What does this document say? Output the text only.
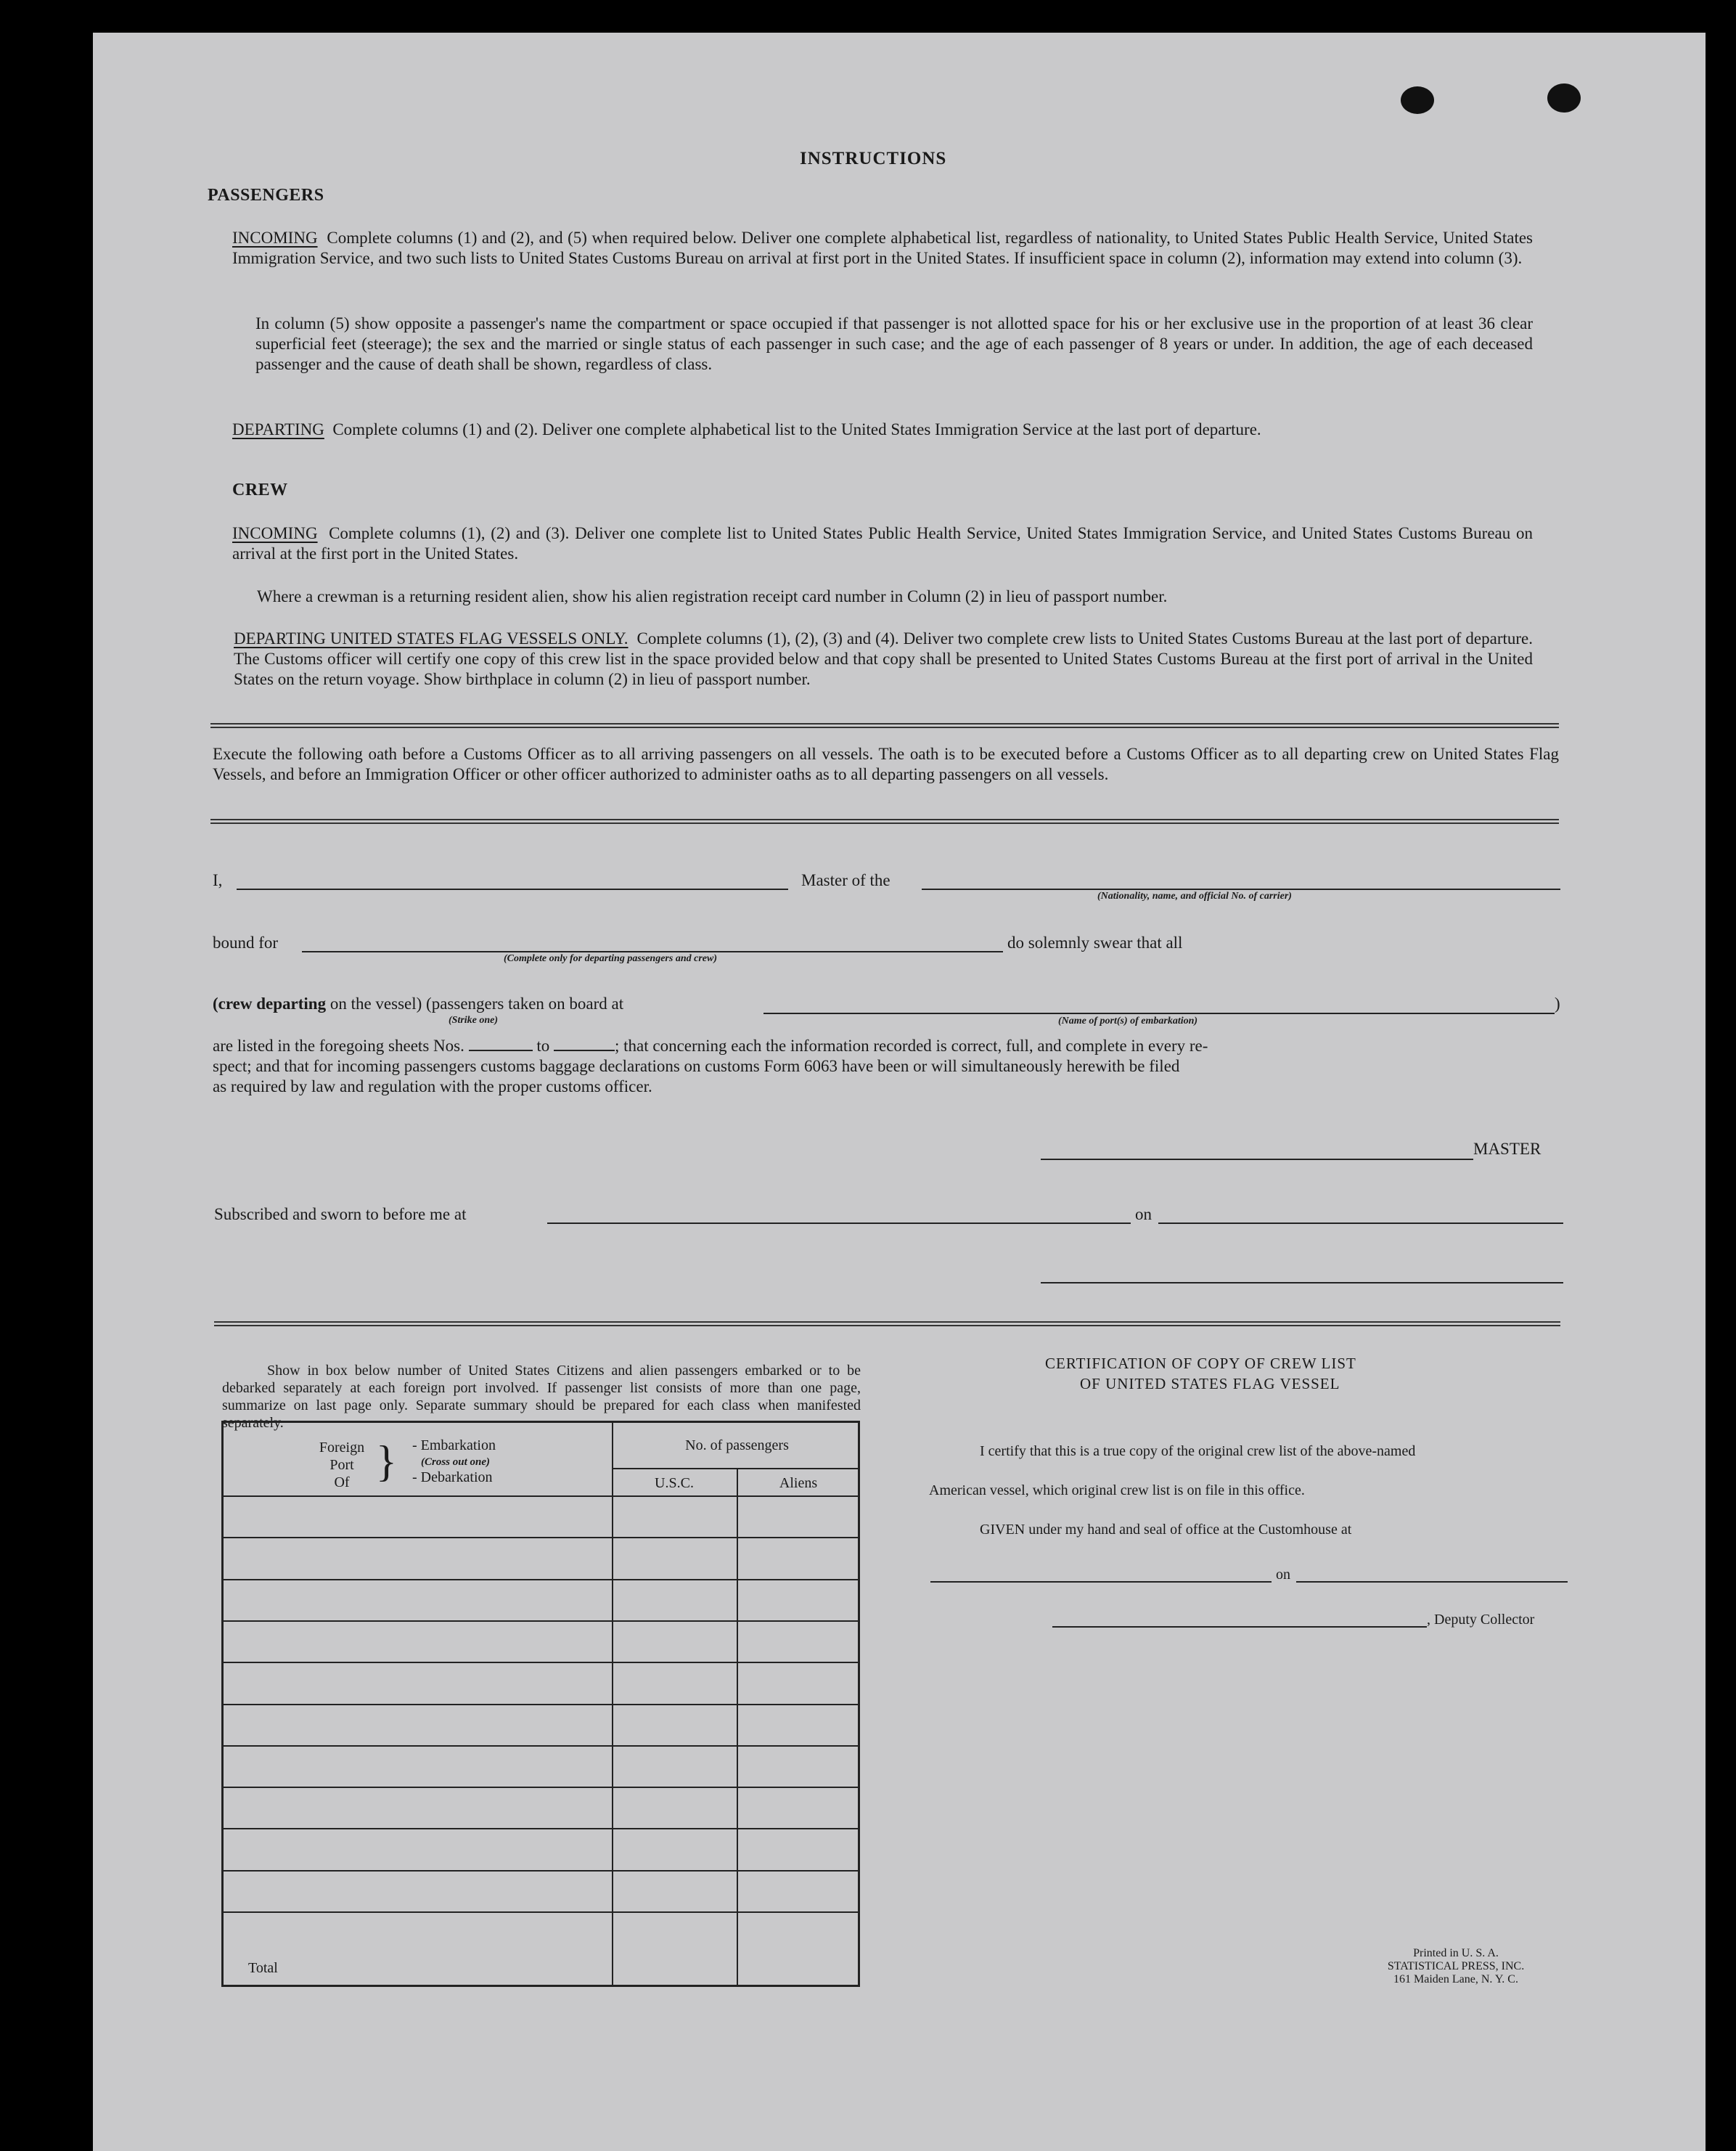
INSTRUCTIONS
PASSENGERS
INCOMING Complete columns (1) and (2), and (5) when required below. Deliver one complete alphabetical list, regardless of nationality, to United States Public Health Service, United States Immigration Service, and two such lists to United States Customs Bureau on arrival at first port in the United States. If insufficient space in column (2), information may extend into column (3).
In column (5) show opposite a passenger's name the compartment or space occupied if that passenger is not allotted space for his or her exclusive use in the proportion of at least 36 clear superficial feet (steerage); the sex and the married or single status of each passenger in such case; and the age of each passenger of 8 years or under. In addition, the age of each deceased passenger and the cause of death shall be shown, regardless of class.
DEPARTING Complete columns (1) and (2). Deliver one complete alphabetical list to the United States Immigration Service at the last port of departure.
CREW
INCOMING Complete columns (1), (2) and (3). Deliver one complete list to United States Public Health Service, United States Immigration Service, and United States Customs Bureau on arrival at the first port in the United States.
Where a crewman is a returning resident alien, show his alien registration receipt card number in Column (2) in lieu of passport number.
DEPARTING UNITED STATES FLAG VESSELS ONLY. Complete columns (1), (2), (3) and (4). Deliver two complete crew lists to United States Customs Bureau at the last port of departure. The Customs officer will certify one copy of this crew list in the space provided below and that copy shall be presented to United States Customs Bureau at the first port of arrival in the United States on the return voyage. Show birthplace in column (2) in lieu of passport number.
Execute the following oath before a Customs Officer as to all arriving passengers on all vessels. The oath is to be executed before a Customs Officer as to all departing crew on United States Flag Vessels, and before an Immigration Officer or other officer authorized to administer oaths as to all departing passengers on all vessels.
I,	Master of the
(Nationality, name, and official No. of carrier)
bound for
(Complete only for departing passengers and crew)
do solemnly swear that all
(crew departing on the vessel) (passengers taken on board at
(Strike one)	(Name of port(s) of embarkation)
)
are listed in the foregoing sheets Nos.	to	; that concerning each the information recorded is correct, full, and complete in every re-
spect; and that for incoming passengers customs baggage declarations on customs Form 6063 have been or will simultaneously herewith be filed
as required by law and regulation with the proper customs officer.
MASTER
Subscribed and sworn to before me at	on
Show in box below number of United States Citizens and alien passengers embarked or to be debarked separately at each foreign port involved. If passenger list consists of more than one page, summarize on last page only. Separate summary should be prepared for each class when manifested separately.
Foreign
Port
Of } - Embarkation
(Cross out one)
- Debarkation
No. of passengers
U.S.C.	Aliens
Total
CERTIFICATION OF COPY OF CREW LIST
OF UNITED STATES FLAG VESSEL
I certify that this is a true copy of the original crew list of the above-named
American vessel, which original crew list is on file in this office.
GIVEN under my hand and seal of office at the Customhouse at
on
, Deputy Collector
Printed in U. S. A.
STATISTICAL PRESS, INC.
161 Maiden Lane, N. Y. C.
